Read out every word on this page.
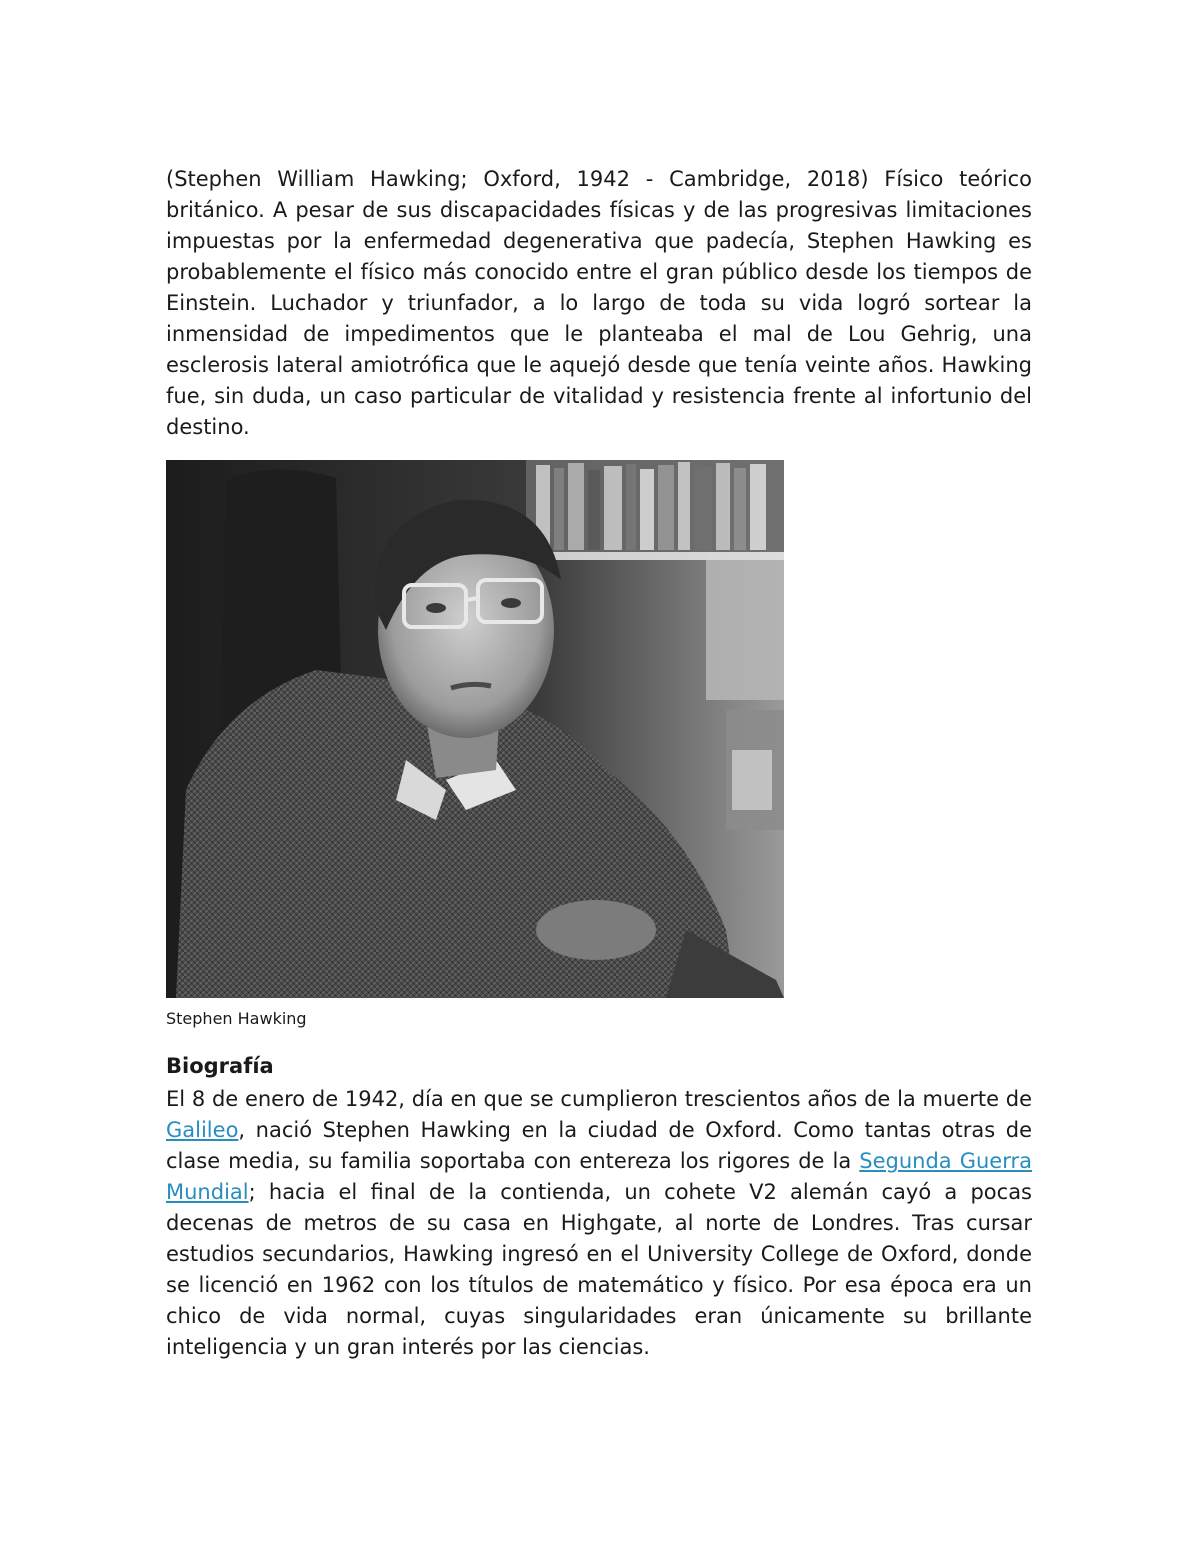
(Stephen William Hawking; Oxford, 1942 - Cambridge, 2018) Físico teórico británico. A pesar de sus discapacidades físicas y de las progresivas limitaciones impuestas por la enfermedad degenerativa que padecía, Stephen Hawking es probablemente el físico más conocido entre el gran público desde los tiempos de Einstein. Luchador y triunfador, a lo largo de toda su vida logró sortear la inmensidad de impedimentos que le planteaba el mal de Lou Gehrig, una esclerosis lateral amiotrófica que le aquejó desde que tenía veinte años. Hawking fue, sin duda, un caso particular de vitalidad y resistencia frente al infortunio del destino.

Stephen Hawking
Biografía

El 8 de enero de 1942, día en que se cumplieron trescientos años de la muerte de Galileo, nació Stephen Hawking en la ciudad de Oxford. Como tantas otras de clase media, su familia soportaba con entereza los rigores de la Segunda Guerra Mundial; hacia el final de la contienda, un cohete V2 alemán cayó a pocas decenas de metros de su casa en Highgate, al norte de Londres. Tras cursar estudios secundarios, Hawking ingresó en el University College de Oxford, donde se licenció en 1962 con los títulos de matemático y físico. Por esa época era un chico de vida normal, cuyas singularidades eran únicamente su brillante inteligencia y un gran interés por las ciencias.
